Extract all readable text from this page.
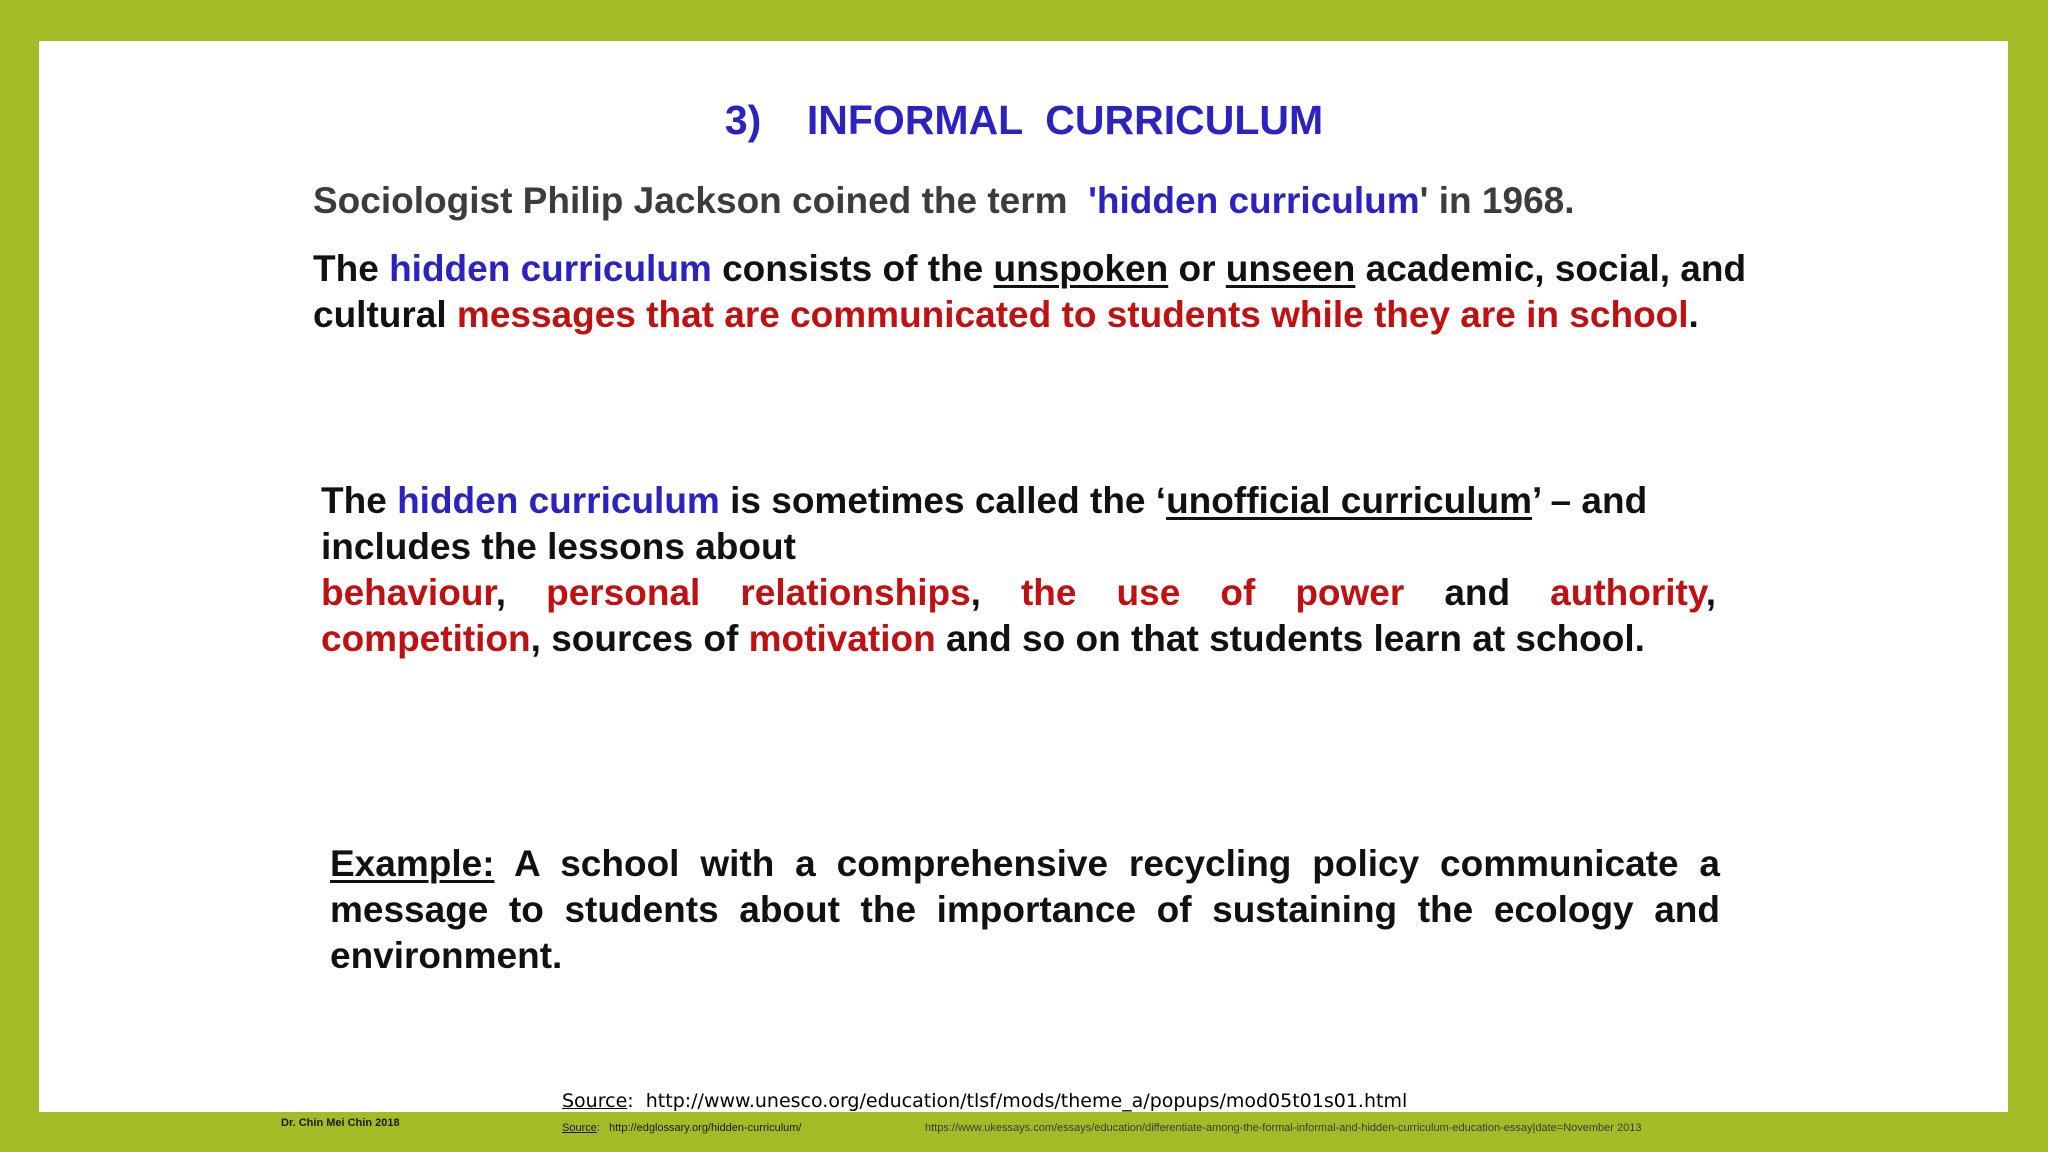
3)    INFORMAL  CURRICULUM
Sociologist Philip Jackson coined the term  'hidden curriculum' in 1968.
The hidden curriculum consists of the unspoken or unseen academic, social, and cultural messages that are communicated to students while they are in school.
The hidden curriculum is sometimes called the ‘unofficial curriculum’ – and includes the lessons about
behaviour, personal relationships, the use of power and authority,
competition, sources of motivation and so on that students learn at school.
Example: A school with a comprehensive recycling policy communicate a message to students about the importance of sustaining the ecology and environment.
Source:  http://www.unesco.org/education/tlsf/mods/theme_a/popups/mod05t01s01.html
Dr. Chin Mei Chin 2018	Source:   http://edglossary.org/hidden-curriculum/	https://www.ukessays.com/essays/education/differentiate-among-the-formal-informal-and-hidden-curriculum-education-essay|date=November 2013
